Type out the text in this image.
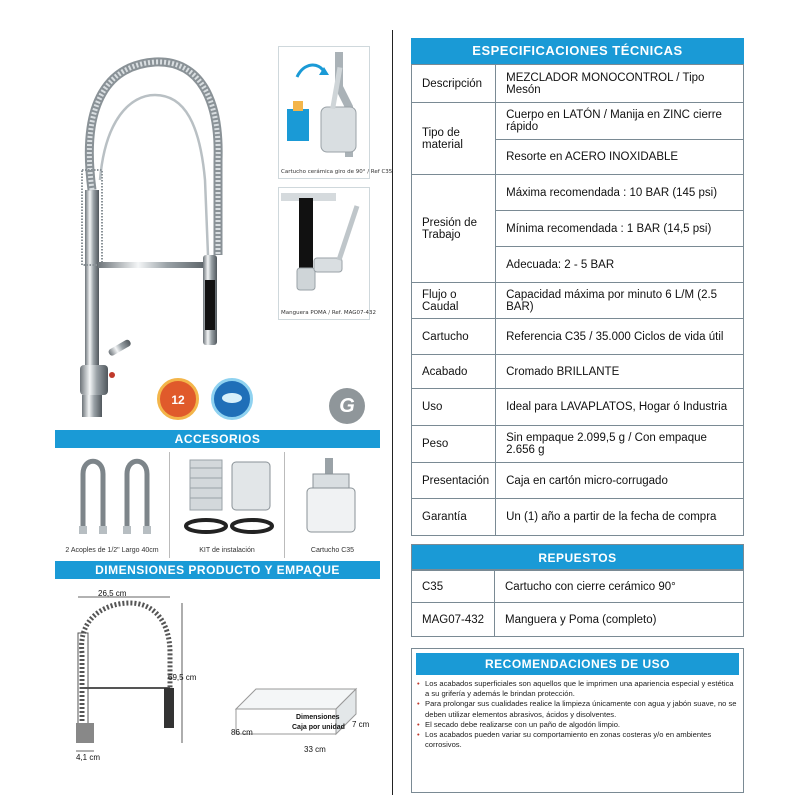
Cartucho cerámica giro de 90° / Ref C35
Manguera POMA / Ref. MAG07-432
12	G
ACCESORIOS
2 Acoples de 1/2" Largo 40cm	KIT de instalación	Cartucho C35
DIMENSIONES PRODUCTO Y EMPAQUE
26,5 cm
69,5 cm
4,1 cm
Dimensiones
Caja por unidad
86 cm
7 cm
33 cm
ESPECIFICACIONES TÉCNICAS
Descripción	MEZCLADOR MONOCONTROL / Tipo Mesón
Tipo de material	Cuerpo en LATÓN / Manija en ZINC cierre rápido
	Resorte en ACERO INOXIDABLE
Presión de Trabajo	Máxima recomendada : 10 BAR (145 psi)
	Mínima recomendada : 1 BAR (14,5 psi)
	Adecuada: 2 - 5 BAR
Flujo o Caudal	Capacidad máxima por minuto 6 L/M (2.5 BAR)
Cartucho	Referencia C35 / 35.000 Ciclos de vida útil
Acabado	Cromado BRILLANTE
Uso	Ideal para LAVAPLATOS, Hogar ó Industria
Peso	Sin empaque 2.099,5 g / Con empaque 2.656 g
Presentación	Caja en cartón micro-corrugado
Garantía	Un (1) año a partir de la fecha de compra
REPUESTOS
C35	Cartucho con cierre cerámico 90°
MAG07-432	Manguera y Poma (completo)
RECOMENDACIONES DE USO
• Los acabados superficiales son aquellos que le imprimen una apariencia especial y estética a su grifería y además le brindan protección.
• Para prolongar sus cualidades realice la limpieza únicamente con agua y jabón suave, no se deben utilizar elementos abrasivos, ácidos y disolventes.
• El secado debe realizarse con un paño de algodón limpio.
• Los acabados pueden variar su comportamiento en zonas costeras y/o en ambientes corrosivos.
